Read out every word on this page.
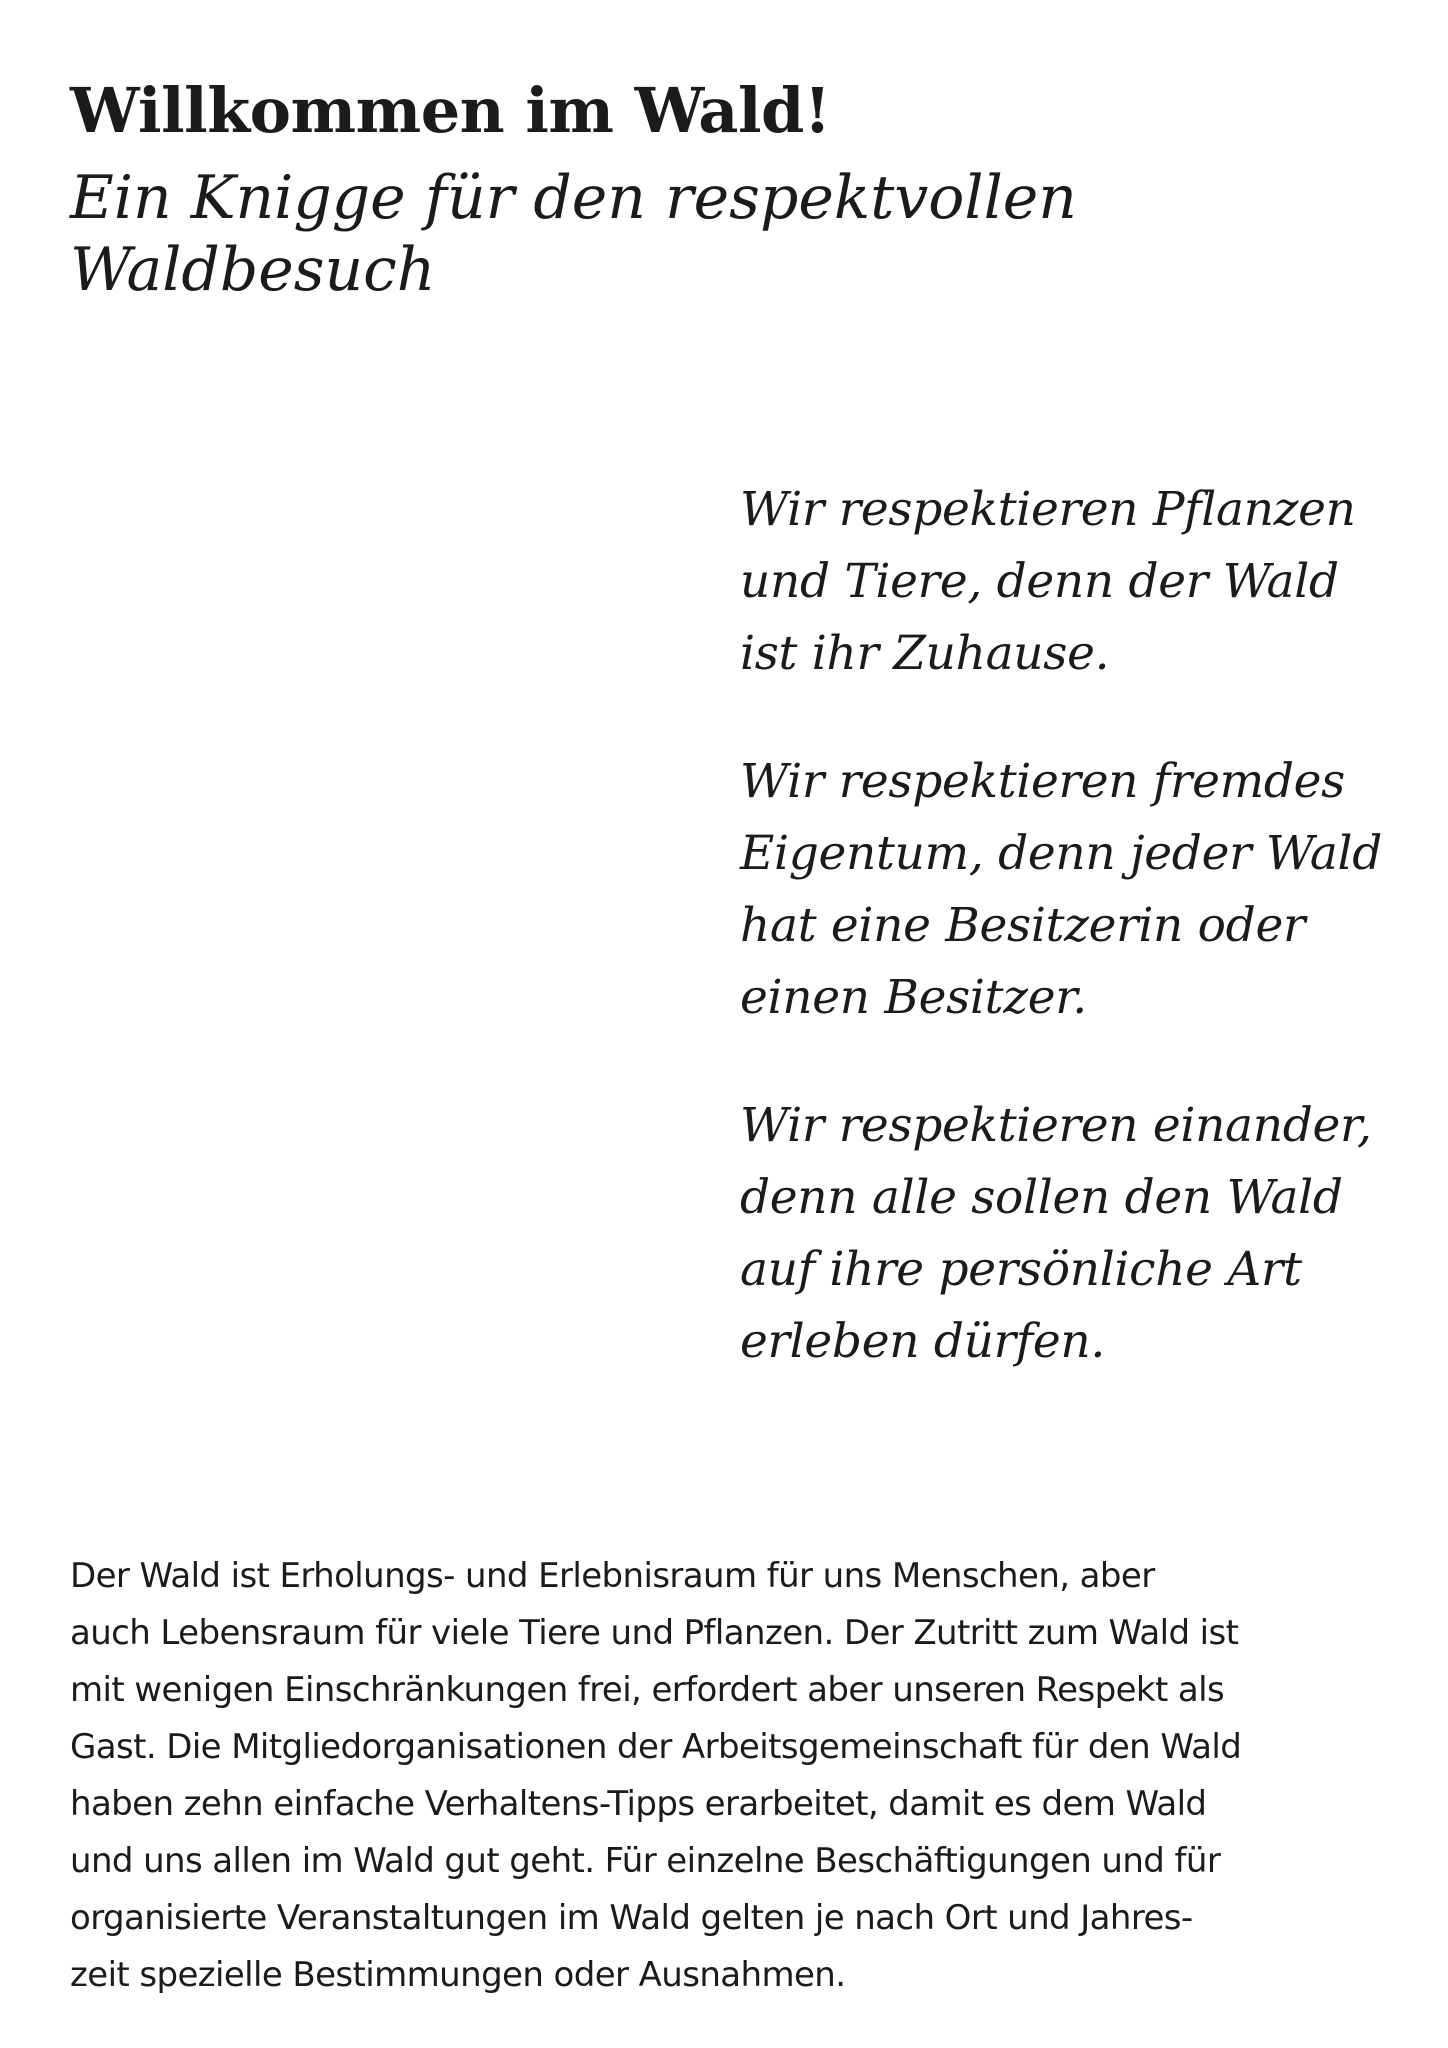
Willkommen im Wald!
Ein Knigge für den respektvollen Waldbesuch

Wir respektieren Pflanzen
und Tiere, denn der Wald
ist ihr Zuhause.

Wir respektieren fremdes
Eigentum, denn jeder Wald
hat eine Besitzerin oder
einen Besitzer.

Wir respektieren einander,
denn alle sollen den Wald
auf ihre persönliche Art
erleben dürfen.

Der Wald ist Erholungs- und Erlebnisraum für uns Menschen, aber
auch Lebensraum für viele Tiere und Pflanzen. Der Zutritt zum Wald ist
mit wenigen Einschränkungen frei, erfordert aber unseren Respekt als
Gast. Die Mitgliedorganisationen der Arbeitsgemeinschaft für den Wald
haben zehn einfache Verhaltens-Tipps erarbeitet, damit es dem Wald
und uns allen im Wald gut geht. Für einzelne Beschäftigungen und für
organisierte Veranstaltungen im Wald gelten je nach Ort und Jahres-
zeit spezielle Bestimmungen oder Ausnahmen.
